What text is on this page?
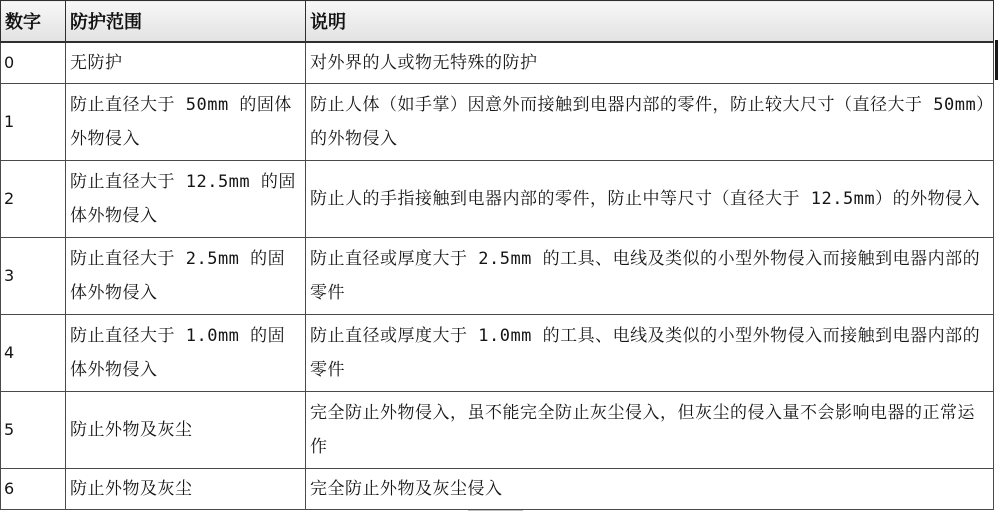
数字	防护范围	说明
0	无防护	对外界的人或物无特殊的防护

1	防止直径大于 50mm 的固体外物侵入	防止人体（如手掌）因意外而接触到电器内部的零件，防止较大尺寸（直径大于 50mm）的外物侵入

2	防止直径大于 12.5mm 的固体外物侵入	防止人的手指接触到电器内部的零件，防止中等尺寸（直径大于 12.5mm）的外物侵入

3	防止直径大于 2.5mm 的固体外物侵入	防止直径或厚度大于 2.5mm 的工具、电线及类似的小型外物侵入而接触到电器内部的零件

4	防止直径大于 1.0mm 的固体外物侵入	防止直径或厚度大于 1.0mm 的工具、电线及类似的小型外物侵入而接触到电器内部的零件

5	防止外物及灰尘	完全防止外物侵入，虽不能完全防止灰尘侵入，但灰尘的侵入量不会影响电器的正常运作

6	防止外物及灰尘	完全防止外物及灰尘侵入
